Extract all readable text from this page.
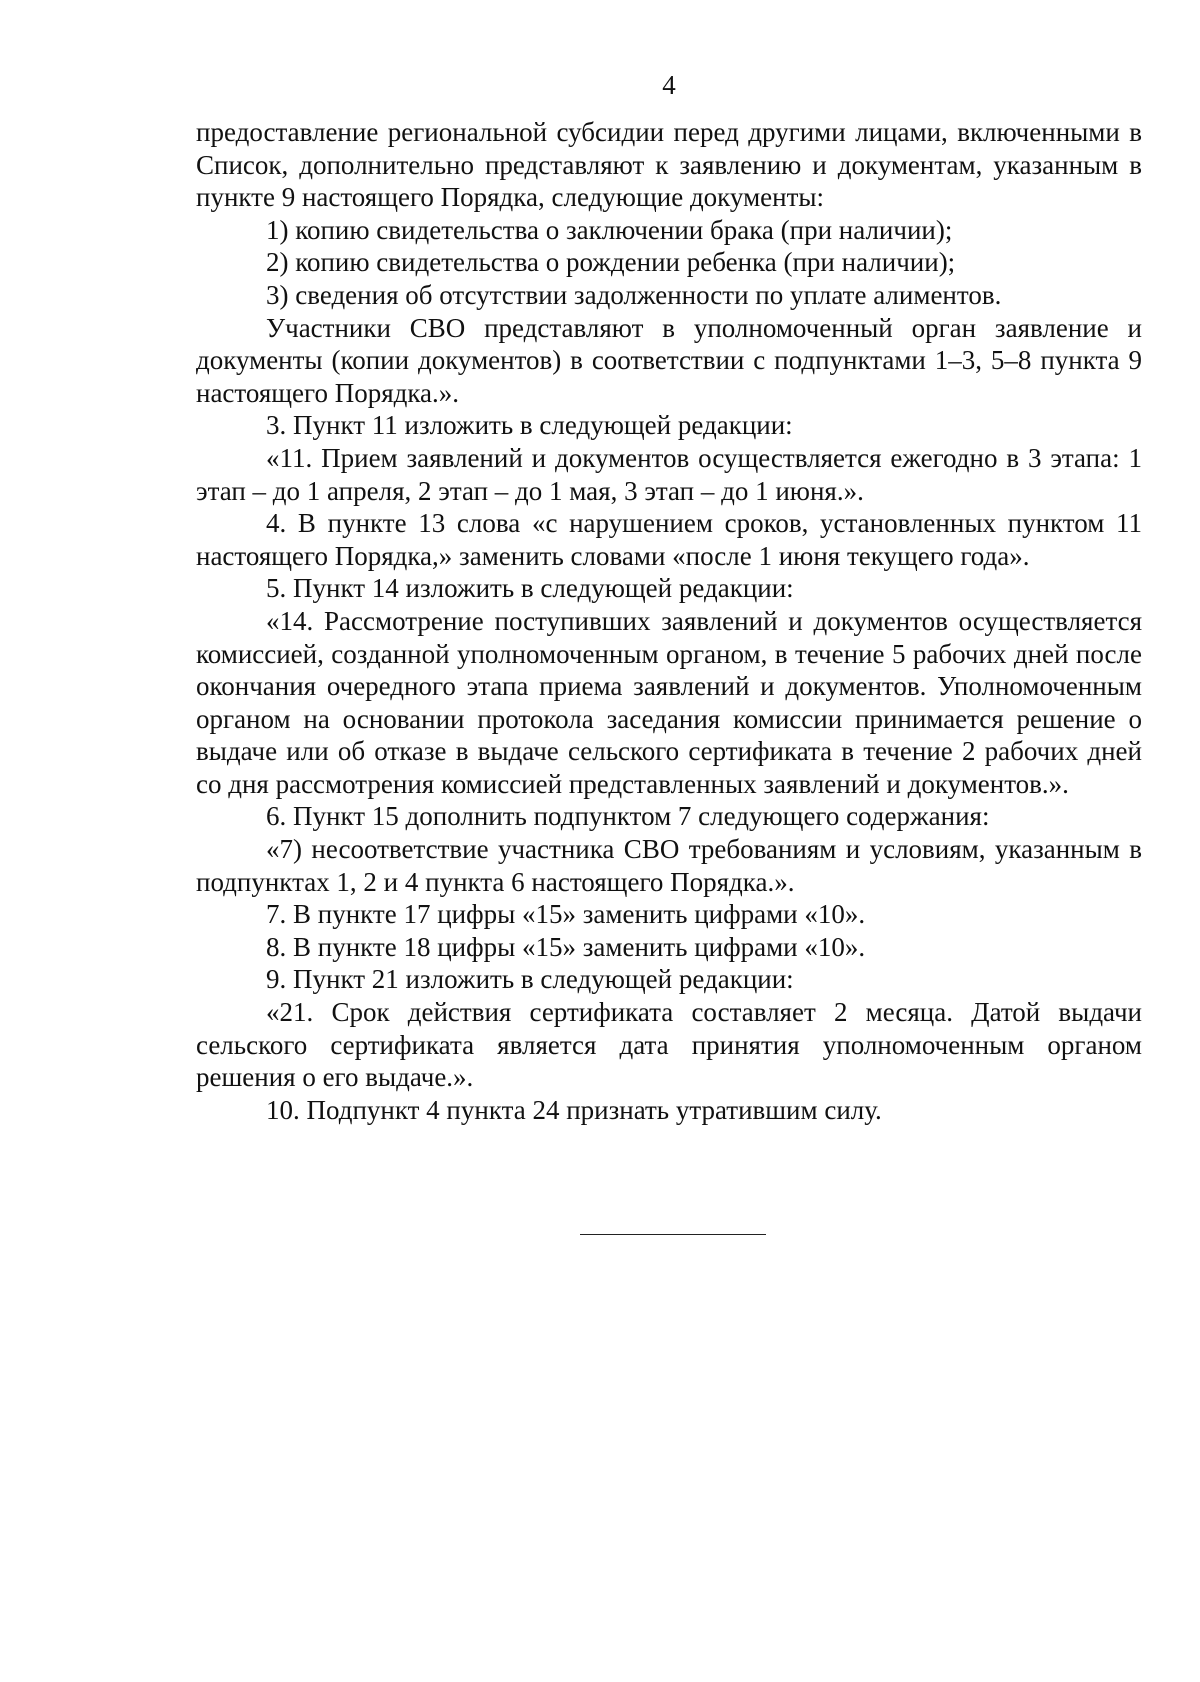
4

предоставление региональной субсидии перед другими лицами, включенными в Список, дополнительно представляют к заявлению и документам, указанным в пункте 9 настоящего Порядка, следующие документы:

1) копию свидетельства о заключении брака (при наличии);

2) копию свидетельства о рождении ребенка (при наличии);

3) сведения об отсутствии задолженности по уплате алиментов.

Участники СВО представляют в уполномоченный орган заявление и документы (копии документов) в соответствии с подпунктами 1–3, 5–8 пункта 9 настоящего Порядка.».

3. Пункт 11 изложить в следующей редакции:

«11. Прием заявлений и документов осуществляется ежегодно в 3 этапа: 1 этап – до 1 апреля, 2 этап – до 1 мая, 3 этап – до 1 июня.».

4. В пункте 13 слова «с нарушением сроков, установленных пунктом 11 настоящего Порядка,» заменить словами «после 1 июня текущего года».

5. Пункт 14 изложить в следующей редакции:

«14. Рассмотрение поступивших заявлений и документов осуществляется комиссией, созданной уполномоченным органом, в течение 5 рабочих дней после окончания очередного этапа приема заявлений и документов. Уполномоченным органом на основании протокола заседания комиссии принимается решение о выдаче или об отказе в выдаче сельского сертификата в течение 2 рабочих дней со дня рассмотрения комиссией представленных заявлений и документов.».

6. Пункт 15 дополнить подпунктом 7 следующего содержания:

«7) несоответствие участника СВО требованиям и условиям, указанным в подпунктах 1, 2 и 4 пункта 6 настоящего Порядка.».

7. В пункте 17 цифры «15» заменить цифрами «10».

8. В пункте 18 цифры «15» заменить цифрами «10».

9. Пункт 21 изложить в следующей редакции:

«21. Срок действия сертификата составляет 2 месяца. Датой выдачи сельского сертификата является дата принятия уполномоченным органом решения о его выдаче.».

10. Подпункт 4 пункта 24 признать утратившим силу.
